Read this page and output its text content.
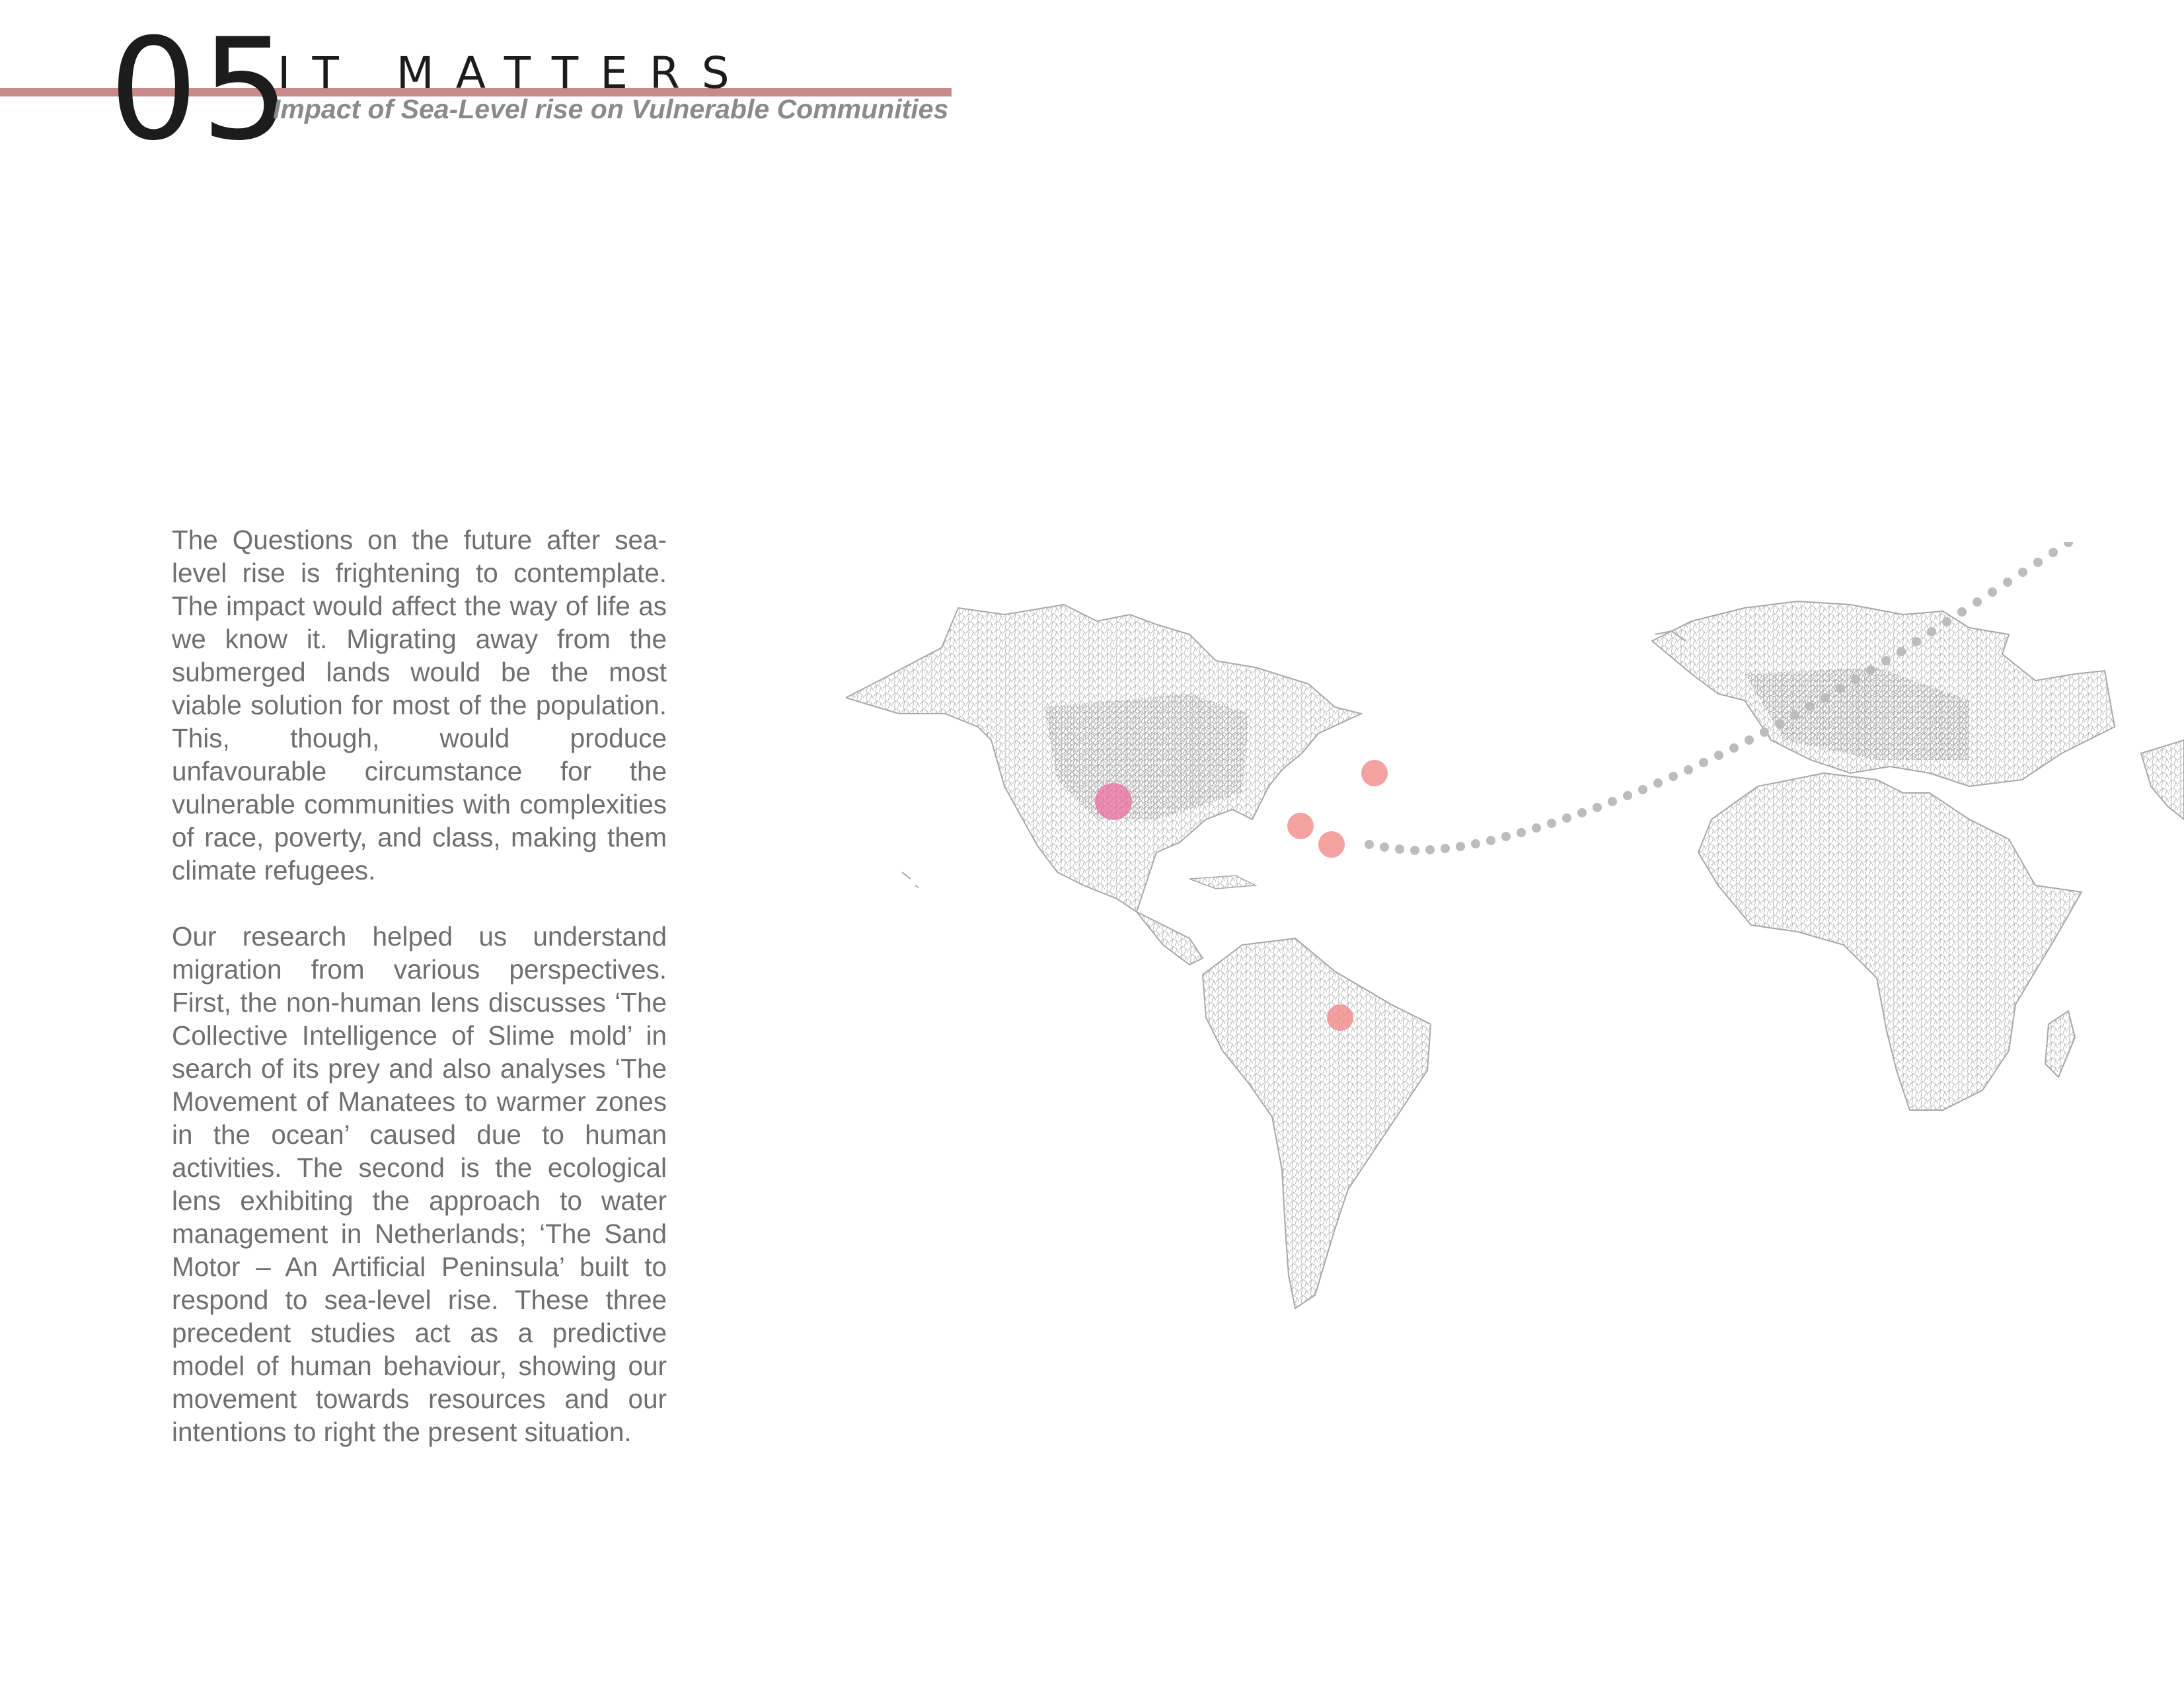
05
IT MATTERS
Impact of Sea-Level rise on Vulnerable Communities

The Questions on the future after sea-level rise is frightening to contemplate. The impact would affect the way of life as we know it. Migrating away from the submerged lands would be the most viable solution for most of the population. This, though, would produce unfavourable circumstance for the vulnerable communities with complexities of race, poverty, and class, making them climate refugees.

Our research helped us understand migration from various perspectives. First, the non-human lens discusses ‘The Collective Intelligence of Slime mold’ in search of its prey and also analyses ‘The Movement of Manatees to warmer zones in the ocean’ caused due to human activities. The second is the ecological lens exhibiting the approach to water management in Netherlands; ‘The Sand Motor – An Artificial Peninsula’ built to respond to sea-level rise. These three precedent studies act as a predictive model of human behaviour, showing our movement towards resources and our intentions to right the present situation.
